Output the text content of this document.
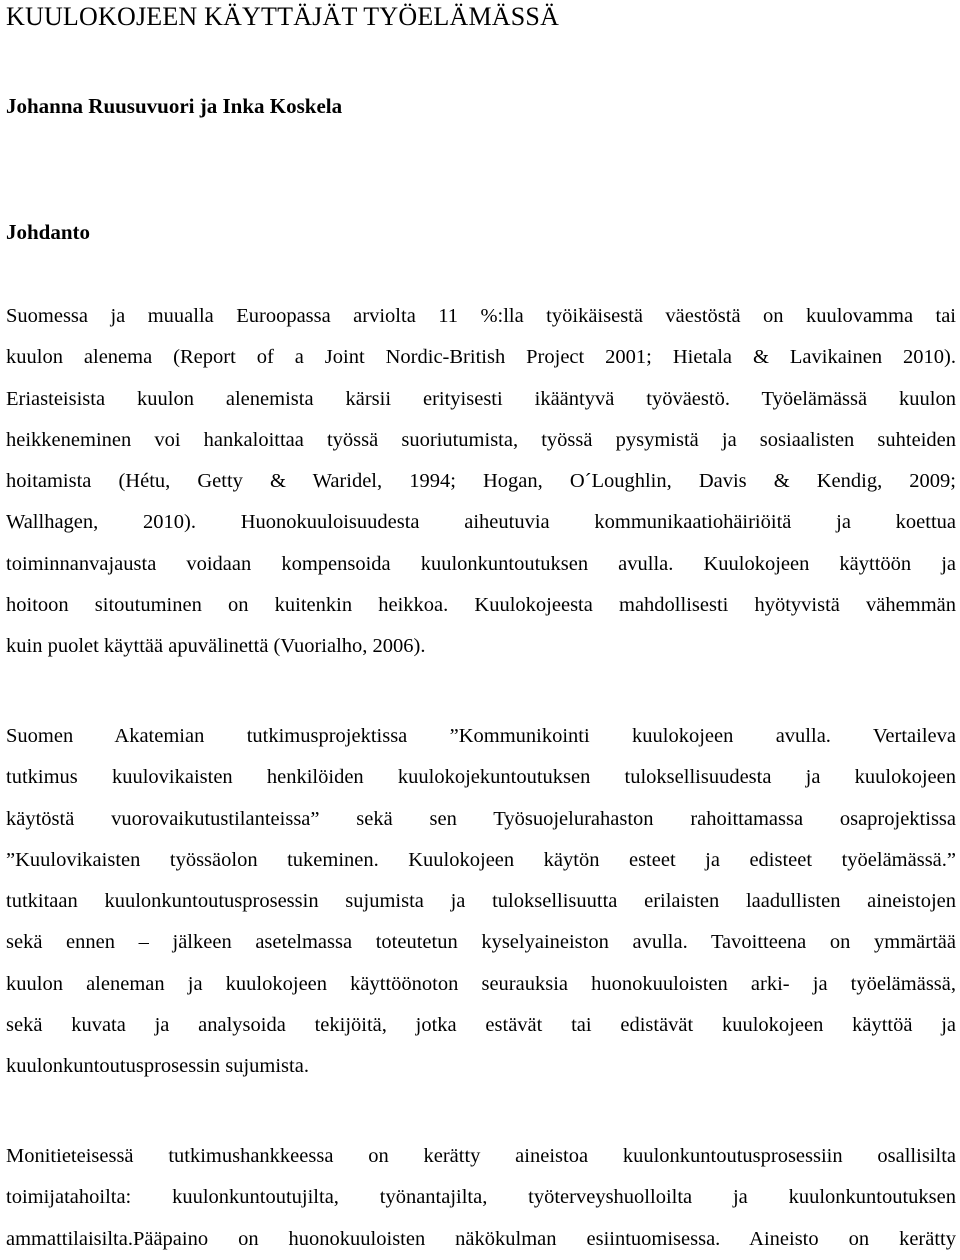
KUULOKOJEEN KÄYTTÄJÄT TYÖELÄMÄSSÄ
Johanna Ruusuvuori ja Inka Koskela
Johdanto
Suomessa ja muualla Euroopassa arviolta 11 %:lla työikäisestä väestöstä on kuulovamma tai
kuulon alenema (Report of a Joint Nordic-British Project 2001; Hietala & Lavikainen 2010).
Eriasteisista kuulon alenemista kärsii erityisesti ikääntyvä työväestö. Työelämässä kuulon
heikkeneminen voi hankaloittaa työssä suoriutumista, työssä pysymistä ja sosiaalisten suhteiden
hoitamista (Hétu, Getty & Waridel, 1994; Hogan, O´Loughlin, Davis & Kendig, 2009;
Wallhagen, 2010). Huonokuuloisuudesta aiheutuvia kommunikaatiohäiriöitä ja koettua
toiminnanvajausta voidaan kompensoida kuulonkuntoutuksen avulla. Kuulokojeen käyttöön ja
hoitoon sitoutuminen on kuitenkin heikkoa. Kuulokojeesta mahdollisesti hyötyvistä vähemmän
kuin puolet käyttää apuvälinettä (Vuorialho, 2006).
Suomen Akatemian tutkimusprojektissa ”Kommunikointi kuulokojeen avulla. Vertaileva
tutkimus kuulovikaisten henkilöiden kuulokojekuntoutuksen tuloksellisuudesta ja kuulokojeen
käytöstä vuorovaikutustilanteissa” sekä sen Työsuojelurahaston rahoittamassa osaprojektissa
”Kuulovikaisten työssäolon tukeminen. Kuulokojeen käytön esteet ja edisteet työelämässä.”
tutkitaan kuulonkuntoutusprosessin sujumista ja tuloksellisuutta erilaisten laadullisten aineistojen
sekä ennen – jälkeen asetelmassa toteutetun kyselyaineiston avulla. Tavoitteena on ymmärtää
kuulon aleneman ja kuulokojeen käyttöönoton seurauksia huonokuuloisten arki- ja työelämässä,
sekä kuvata ja analysoida tekijöitä, jotka estävät tai edistävät kuulokojeen käyttöä ja
kuulonkuntoutusprosessin sujumista.
Monitieteisessä tutkimushankkeessa on kerätty aineistoa kuulonkuntoutusprosessiin osallisilta
toimijatahoilta: kuulonkuntoutujilta, työnantajilta, työterveyshuolloilta ja kuulonkuntoutuksen
ammattilaisilta.Pääpaino on huonokuuloisten näkökulman esiintuomisessa. Aineisto on kerätty
